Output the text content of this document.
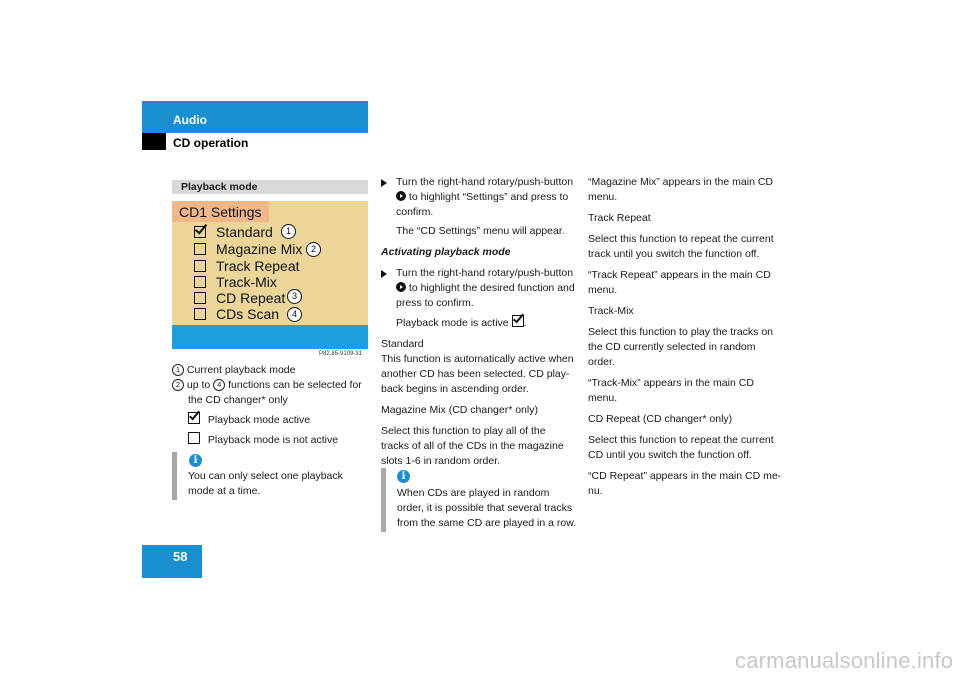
Audio
CD operation
Playback mode
CD1 Settings
Standard
Magazine Mix
Track Repeat
Track-Mix
CD Repeat
CDs Scan
1
2
3
4
P82.85-9109-31
1 Current playback mode
2 up to 4 functions can be selected for
the CD changer* only
Playback mode active
Playback mode is not active
i
You can only select one playback mode at a time.
Turn the right-hand rotary/push-button  to highlight “Settings” and press to confirm.
The “CD Settings” menu will appear.
Activating playback mode
Turn the right-hand rotary/push-button  to highlight the desired function and press to confirm.
Playback mode is active .
Standard
This function is automatically active when another CD has been selected. CD play-back begins in ascending order.
Magazine Mix (CD changer* only)
Select this function to play all of the tracks of all of the CDs in the magazine slots 1-6 in random order.
i
When CDs are played in random order, it is possible that several tracks from the same CD are played in a row.
“Magazine Mix” appears in the main CD menu.
Track Repeat
Select this function to repeat the current track until you switch the function off.
“Track Repeat” appears in the main CD menu.
Track-Mix
Select this function to play the tracks on the CD currently selected in random order.
“Track-Mix” appears in the main CD menu.
CD Repeat (CD changer* only)
Select this function to repeat the current CD until you switch the function off.
“CD Repeat” appears in the main CD me-nu.
58
carmanualsonline.info
